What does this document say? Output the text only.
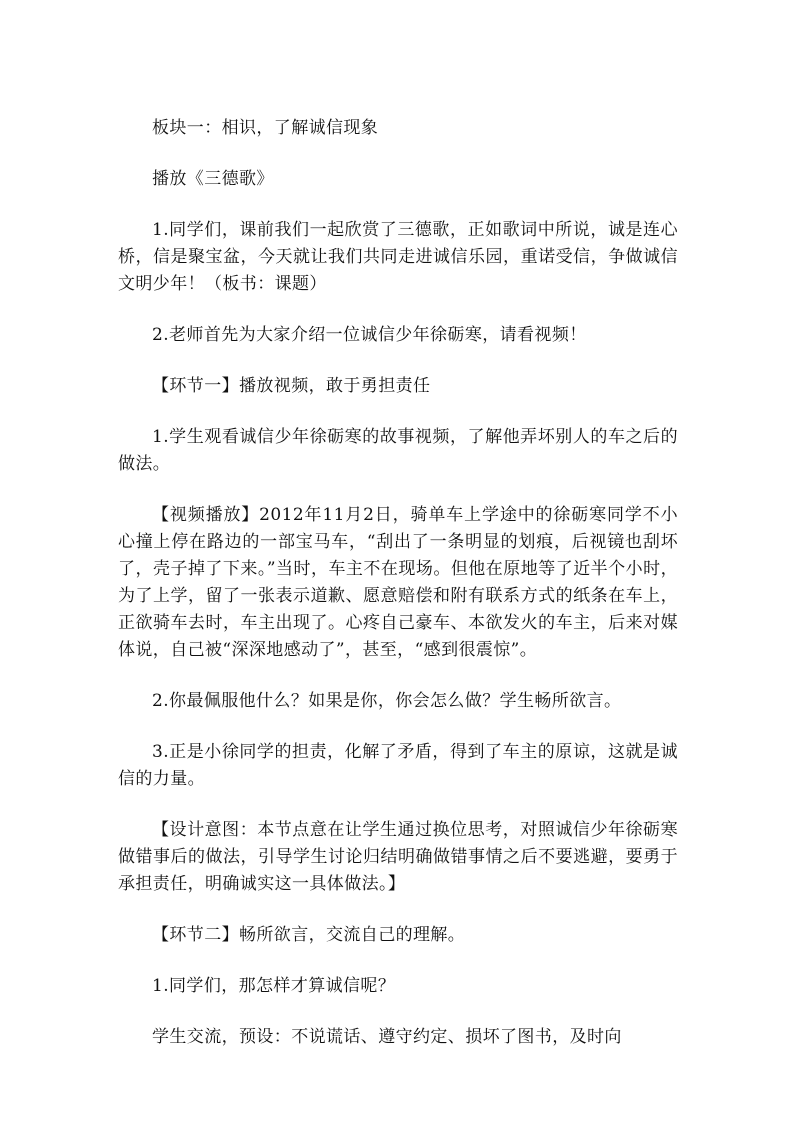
板块一：相识，了解诚信现象

播放《三德歌》

1.同学们，课前我们一起欣赏了三德歌，正如歌词中所说，诚是连心桥，信是聚宝盆，今天就让我们共同走进诚信乐园，重诺受信，争做诚信文明少年！（板书：课题）

2.老师首先为大家介绍一位诚信少年徐砺寒，请看视频！

【环节一】播放视频，敢于勇担责任

1.学生观看诚信少年徐砺寒的故事视频，了解他弄坏别人的车之后的做法。

【视频播放】2012年11月2日，骑单车上学途中的徐砺寒同学不小心撞上停在路边的一部宝马车，“刮出了一条明显的划痕，后视镜也刮坏了，壳子掉了下来。”当时，车主不在现场。但他在原地等了近半个小时，为了上学，留了一张表示道歉、愿意赔偿和附有联系方式的纸条在车上，正欲骑车去时，车主出现了。心疼自己豪车、本欲发火的车主，后来对媒体说，自己被“深深地感动了”，甚至，“感到很震惊”。

2.你最佩服他什么？如果是你，你会怎么做？学生畅所欲言。

3.正是小徐同学的担责，化解了矛盾，得到了车主的原谅，这就是诚信的力量。

【设计意图：本节点意在让学生通过换位思考，对照诚信少年徐砺寒做错事后的做法，引导学生讨论归结明确做错事情之后不要逃避，要勇于承担责任，明确诚实这一具体做法。】

【环节二】畅所欲言，交流自己的理解。

1.同学们，那怎样才算诚信呢？

学生交流，预设：不说谎话、遵守约定、损坏了图书，及时向
